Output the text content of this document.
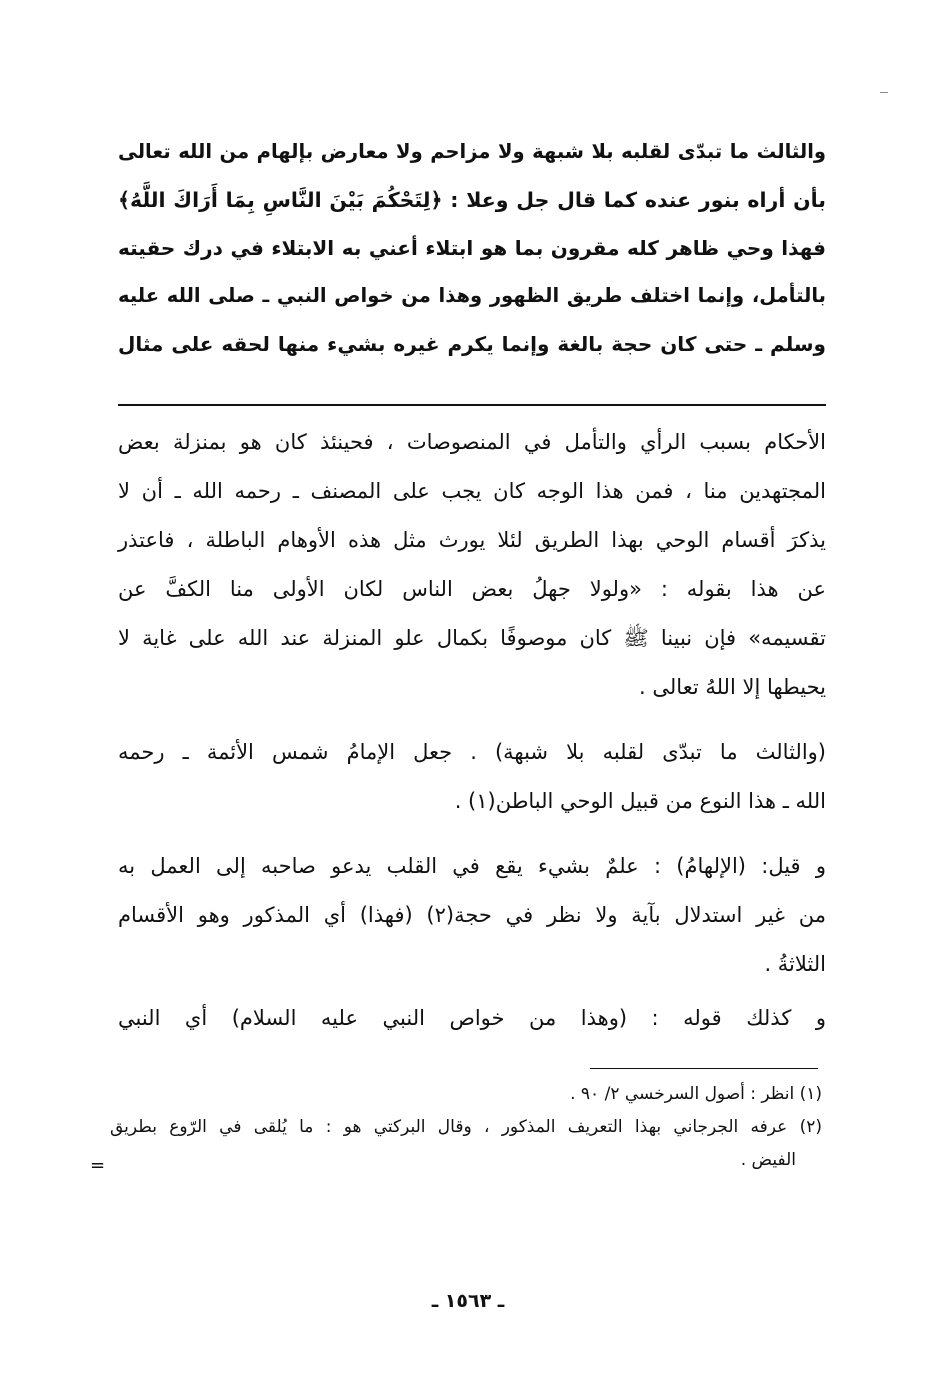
والثالث ما تبدّى لقلبه بلا شبهة ولا مزاحم ولا معارض بإلهام من الله تعالى
بأن أراه بنور عنده كما قال جل وعلا : ﴿لِتَحْكُمَ بَيْنَ النَّاسِ بِمَا أَرَاكَ اللَّهُ﴾
فهذا وحي ظاهر كله مقرون بما هو ابتلاء أعني به الابتلاء في درك حقيته
بالتأمل، وإنما اختلف طريق الظهور وهذا من خواص النبي ـ صلى الله عليه
وسلم ـ حتى كان حجة بالغة وإنما يكرم غيره بشيء منها لحقه على مثال
الأحكام بسبب الرأي والتأمل في المنصوصات ، فحينئذ كان هو بمنزلة بعض
المجتهدين منا ، فمن هذا الوجه كان يجب على المصنف ـ رحمه الله ـ أن لا
يذكرَ أقسام الوحي بهذا الطريق لئلا يورث مثل هذه الأوهام الباطلة ، فاعتذر
عن هذا بقوله : «ولولا جهلُ بعض الناس لكان الأولى منا الكفَّ عن
تقسيمه» فإن نبينا ﷺ كان موصوفًا بكمال علو المنزلة عند الله على غاية لا
يحيطها إلا اللهُ تعالى .
(والثالث ما تبدّى لقلبه بلا شبهة) . جعل الإمامُ شمس الأئمة ـ رحمه
الله ـ هذا النوع من قبيل الوحي الباطن(١) .
و قيل: (الإلهامُ) : علمٌ بشيء يقع في القلب يدعو صاحبه إلى العمل به
من غير استدلال بآية ولا نظر في حجة(٢) (فهذا) أي المذكور وهو الأقسام
الثلاثةُ .
و كذلك قوله : (وهذا من خواص النبي عليه السلام) أي النبي
(١) انظر : أصول السرخسي ٢/ ٩٠ .
(٢) عرفه الجرجاني بهذا التعريف المذكور ، وقال البركتي هو : ما يُلقى في الرّوع بطريق
الفيض .
=
ـ ١٥٦٣ ـ
